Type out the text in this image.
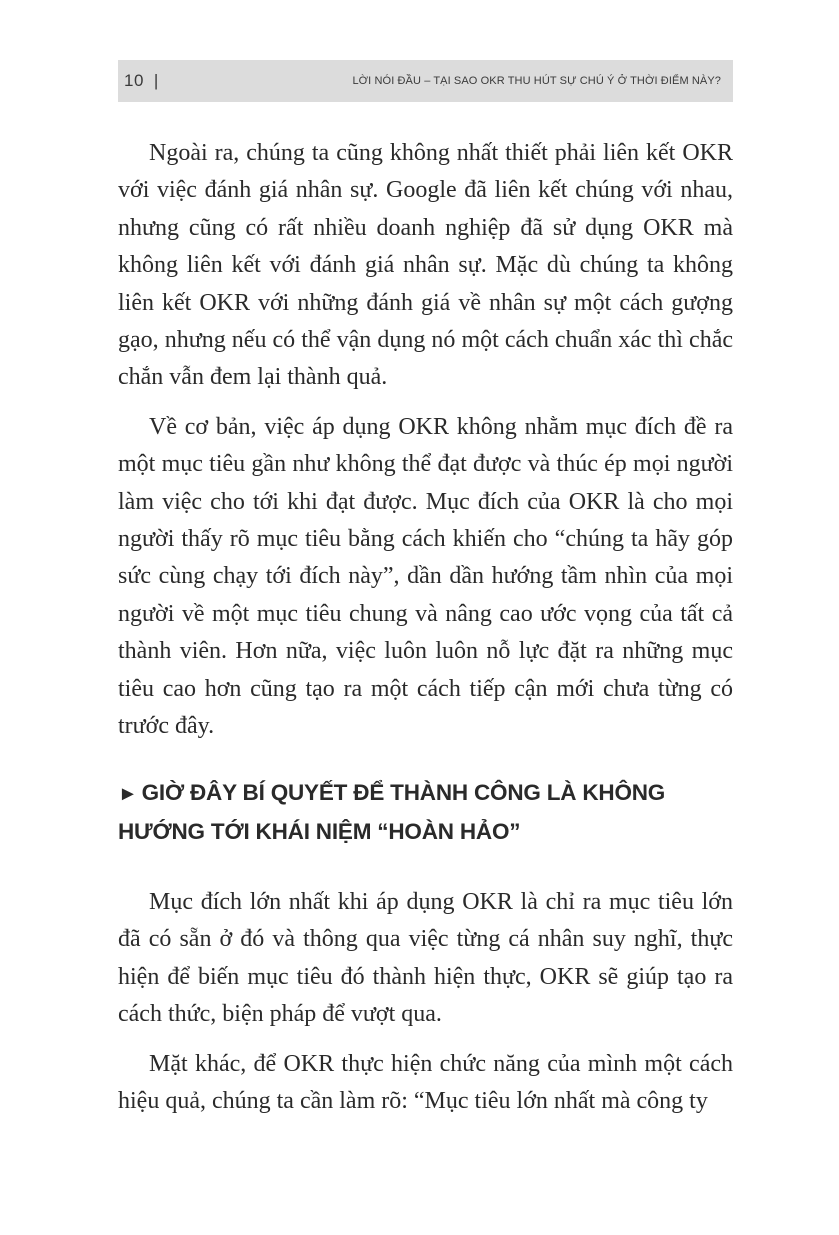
10 |	LỜI NÓI ĐẦU – TẠI SAO OKR THU HÚT SỰ CHÚ Ý Ở THỜI ĐIỂM NÀY?

Ngoài ra, chúng ta cũng không nhất thiết phải liên kết OKR với việc đánh giá nhân sự. Google đã liên kết chúng với nhau, nhưng cũng có rất nhiều doanh nghiệp đã sử dụng OKR mà không liên kết với đánh giá nhân sự. Mặc dù chúng ta không liên kết OKR với những đánh giá về nhân sự một cách gượng gạo, nhưng nếu có thể vận dụng nó một cách chuẩn xác thì chắc chắn vẫn đem lại thành quả.

Về cơ bản, việc áp dụng OKR không nhằm mục đích đề ra một mục tiêu gần như không thể đạt được và thúc ép mọi người làm việc cho tới khi đạt được. Mục đích của OKR là cho mọi người thấy rõ mục tiêu bằng cách khiến cho “chúng ta hãy góp sức cùng chạy tới đích này”, dần dần hướng tầm nhìn của mọi người về một mục tiêu chung và nâng cao ước vọng của tất cả thành viên. Hơn nữa, việc luôn luôn nỗ lực đặt ra những mục tiêu cao hơn cũng tạo ra một cách tiếp cận mới chưa từng có trước đây.

► GIỜ ĐÂY BÍ QUYẾT ĐỂ THÀNH CÔNG LÀ KHÔNG HƯỚNG TỚI KHÁI NIỆM “HOÀN HẢO”

Mục đích lớn nhất khi áp dụng OKR là chỉ ra mục tiêu lớn đã có sẵn ở đó và thông qua việc từng cá nhân suy nghĩ, thực hiện để biến mục tiêu đó thành hiện thực, OKR sẽ giúp tạo ra cách thức, biện pháp để vượt qua.

Mặt khác, để OKR thực hiện chức năng của mình một cách hiệu quả, chúng ta cần làm rõ: “Mục tiêu lớn nhất mà công ty
